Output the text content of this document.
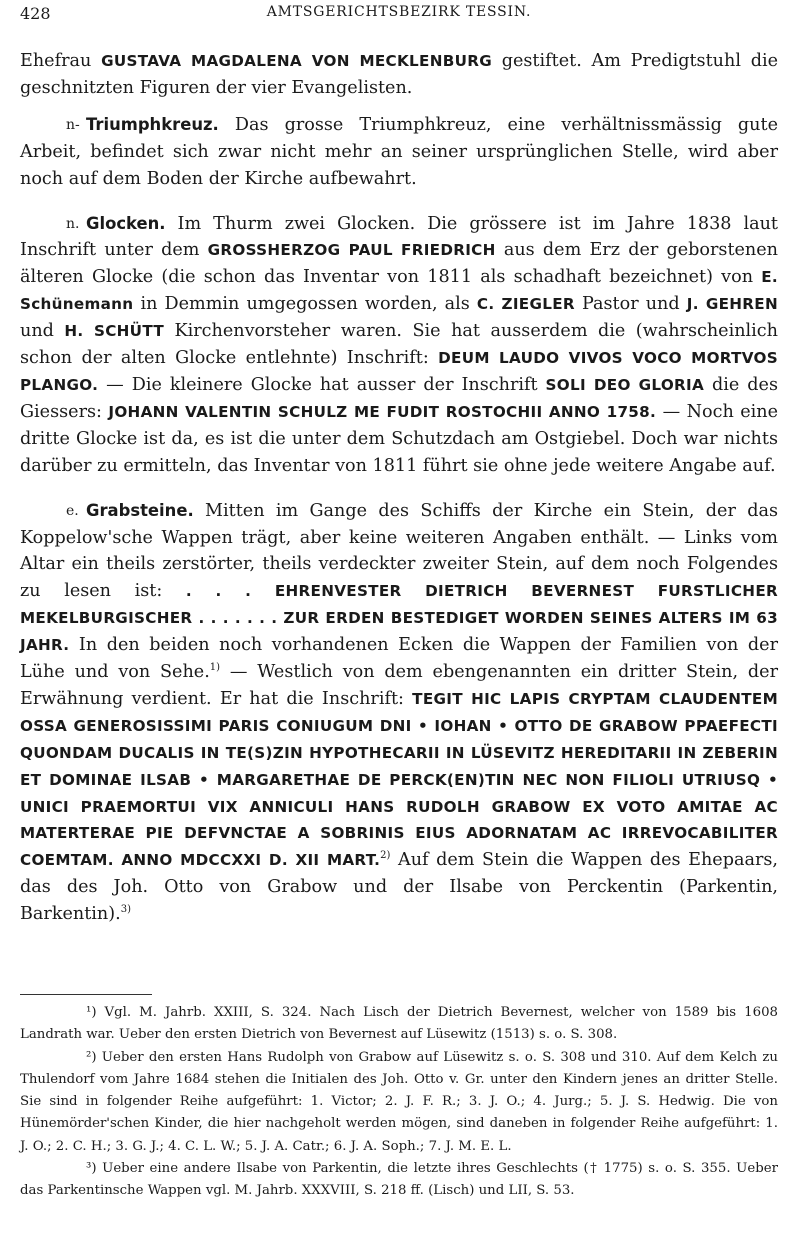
428	AMTSGERICHTSBEZIRK TESSIN.

Ehefrau GUSTAVA MAGDALENA VON MECKLENBURG gestiftet. Am Predigtstuhl die geschnitzten Figuren der vier Evangelisten.

n- Triumphkreuz. Das grosse Triumphkreuz, eine verhältnissmässig gute Arbeit, befindet sich zwar nicht mehr an seiner ursprünglichen Stelle, wird aber noch auf dem Boden der Kirche aufbewahrt.

n. Glocken. Im Thurm zwei Glocken. Die grössere ist im Jahre 1838 laut Inschrift unter dem GROSSHERZOG PAUL FRIEDRICH aus dem Erz der geborstenen älteren Glocke (die schon das Inventar von 1811 als schadhaft bezeichnet) von E. Schünemann in Demmin umgegossen worden, als C. ZIEGLER Pastor und J. GEHREN und H. SCHÜTT Kirchenvorsteher waren. Sie hat ausserdem die (wahrscheinlich schon der alten Glocke entlehnte) Inschrift: DEUM LAUDO VIVOS VOCO MORTVOS PLANGO. — Die kleinere Glocke hat ausser der Inschrift SOLI DEO GLORIA die des Giessers: JOHANN VALENTIN SCHULZ ME FUDIT ROSTOCHII ANNO 1758. — Noch eine dritte Glocke ist da, es ist die unter dem Schutzdach am Ostgiebel. Doch war nichts darüber zu ermitteln, das Inventar von 1811 führt sie ohne jede weitere Angabe auf.

e. Grabsteine. Mitten im Gange des Schiffs der Kirche ein Stein, der das Koppelow'sche Wappen trägt, aber keine weiteren Angaben enthält. — Links vom Altar ein theils zerstörter, theils verdeckter zweiter Stein, auf dem noch Folgendes zu lesen ist: . . . EHRENVESTER DIETRICH BEVERNEST FURSTLICHER MEKELBURGISCHER . . . . . . . ZUR ERDEN BESTEDIGET WORDEN SEINES ALTERS IM 63 JAHR. In den beiden noch vorhandenen Ecken die Wappen der Familien von der Lühe und von Sehe.$^{1)}$ — Westlich von dem ebengenannten ein dritter Stein, der Erwähnung verdient. Er hat die Inschrift: TEGIT HIC LAPIS CRYPTAM CLAUDENTEM OSSA GENEROSISSIMI PARIS CONIUGUM DNI • IOHAN • OTTO DE GRABOW PPAEFECTI QUONDAM DUCALIS IN TE(S)ZIN HYPOTHECARII IN LÜSEVITZ HEREDITARII IN ZEBERIN ET DOMINAE ILSAB • MARGARETHAE DE PERCK(EN)TIN NEC NON FILIOLI UTRIUSQ • UNICI PRAEMORTUI VIX ANNICULI HANS RUDOLH GRABOW EX VOTO AMITAE AC MATERTERAE PIE DEFVNCTAE A SOBRINIS EIUS ADORNATAM AC IRREVOCABILITER COEMTAM. ANNO MDCCXXI D. XII MART.$^{2)}$ Auf dem Stein die Wappen des Ehepaars, das des Joh. Otto von Grabow und der Ilsabe von Perckentin (Parkentin, Barkentin).$^{3)}$

¹) Vgl. M. Jahrb. XXIII, S. 324. Nach Lisch der Dietrich Bevernest, welcher von 1589 bis 1608 Landrath war. Ueber den ersten Dietrich von Bevernest auf Lüsewitz (1513) s. o. S. 308.

²) Ueber den ersten Hans Rudolph von Grabow auf Lüsewitz s. o. S. 308 und 310. Auf dem Kelch zu Thulendorf vom Jahre 1684 stehen die Initialen des Joh. Otto v. Gr. unter den Kindern jenes an dritter Stelle. Sie sind in folgender Reihe aufgeführt: 1. Victor; 2. J. F. R.; 3. J. O.; 4. Jurg.; 5. J. S. Hedwig. Die von Hünemörder'schen Kinder, die hier nachgeholt werden mögen, sind daneben in folgender Reihe aufgeführt: 1. J. O.; 2. C. H.; 3. G. J.; 4. C. L. W.; 5. J. A. Catr.; 6. J. A. Soph.; 7. J. M. E. L.

³) Ueber eine andere Ilsabe von Parkentin, die letzte ihres Geschlechts († 1775) s. o. S. 355. Ueber das Parkentinsche Wappen vgl. M. Jahrb. XXXVIII, S. 218 ff. (Lisch) und LII, S. 53.
